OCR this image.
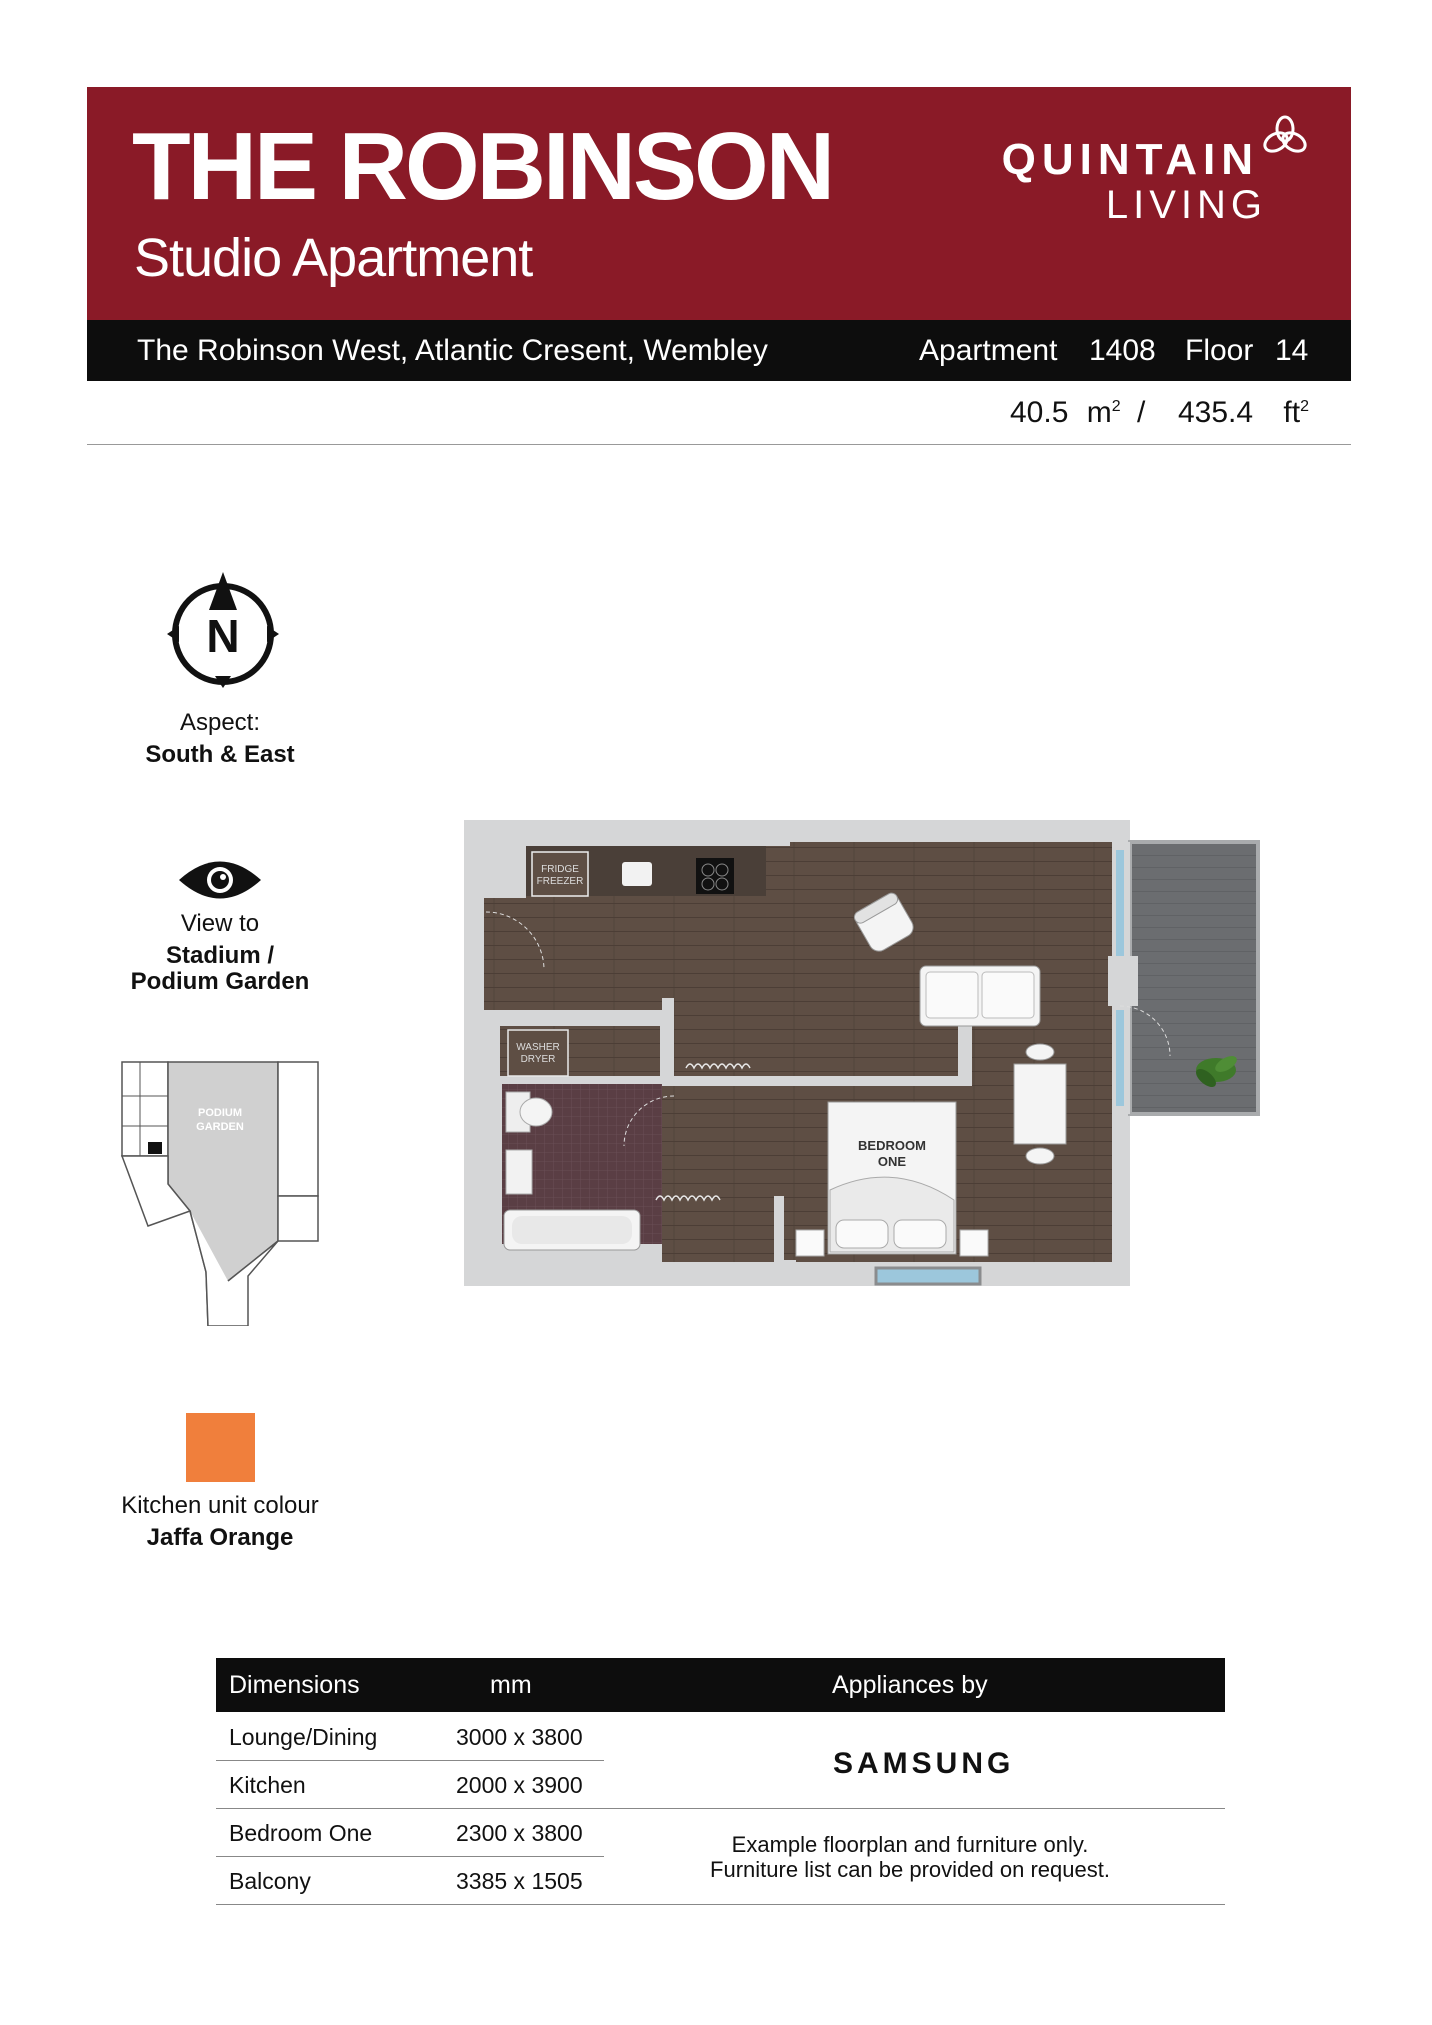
THE ROBINSON
Studio Apartment
QUINTAIN
LIVING
The Robinson West, Atlantic Cresent, Wembley	Apartment 1408 Floor 14
40.5 $m^2 / 435.4$ $ft^2$
N
Aspect:
South & East
View to
Stadium /
Podium Garden
PODIUM
GARDEN
Kitchen unit colour
Jaffa Orange
WASHER
DRYER
FRIDGE
FREEZER
BEDROOM
ONE
Dimensions	mm	Appliances by
Lounge/Dining	3000 x 3800
Kitchen	2000 x 3900
Bedroom One	2300 x 3800
Balcony	3385 x 1505
SAMSUNG
Example floorplan and furniture only.
Furniture list can be provided on request.
